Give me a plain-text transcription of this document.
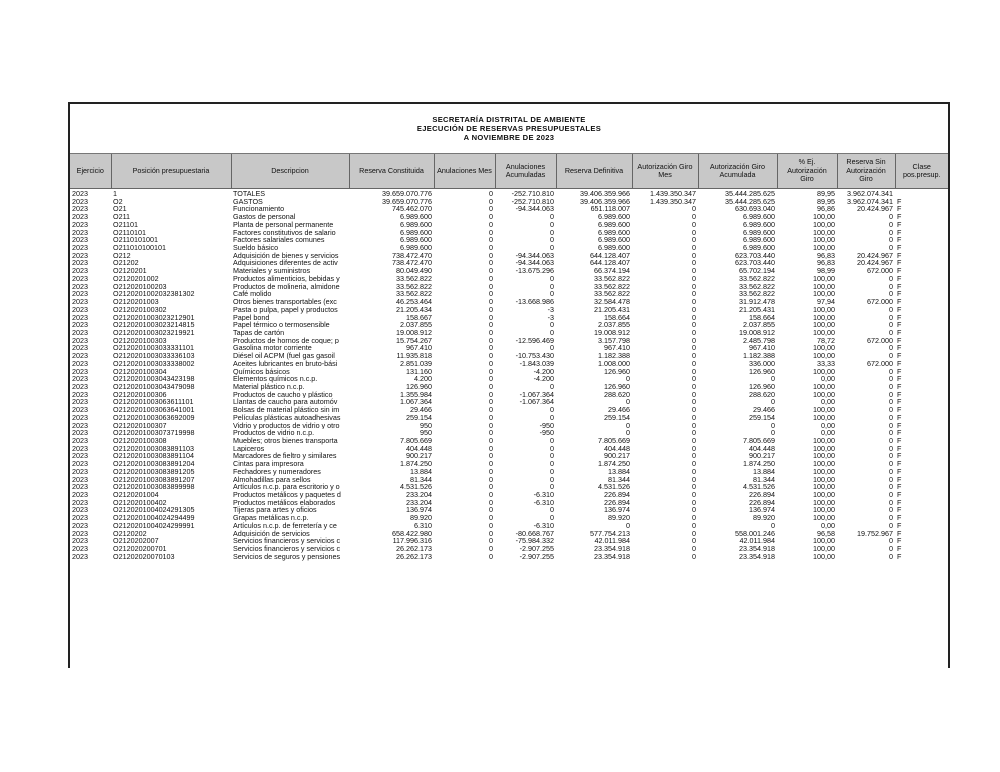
SECRETARÍA DISTRITAL DE AMBIENTE
EJECUCIÓN DE RESERVAS PRESUPUESTALES
A NOVIEMBRE DE 2023
Ejercicio	Posición presupuestaria	Descripcion	Reserva Constituida	Anulaciones Mes	Anulaciones Acumuladas	Reserva Definitiva	Autorización Giro Mes	Autorización Giro Acumulada	% Ej. Autorización Giro	Reserva Sin Autorización Giro	Clase pos.presup.
2023	1	TOTALES	39.659.070.776	0	-252.710.810	39.406.359.966	1.439.350.347	35.444.285.625	89,95	3.962.074.341	
2023	O2	GASTOS	39.659.070.776	0	-252.710.810	39.406.359.966	1.439.350.347	35.444.285.625	89,95	3.962.074.341	F
2023	O21	Funcionamiento	745.462.070	0	-94.344.063	651.118.007	0	630.693.040	96,86	20.424.967	F
2023	O211	Gastos de personal	6.989.600	0	0	6.989.600	0	6.989.600	100,00	0	F
2023	O21101	Planta de personal permanente	6.989.600	0	0	6.989.600	0	6.989.600	100,00	0	F
2023	O2110101	Factores constitutivos de salario	6.989.600	0	0	6.989.600	0	6.989.600	100,00	0	F
2023	O2110101001	Factores salariales comunes	6.989.600	0	0	6.989.600	0	6.989.600	100,00	0	F
2023	O211010100101	Sueldo básico	6.989.600	0	0	6.989.600	0	6.989.600	100,00	0	F
2023	O212	Adquisición de bienes y servicios	738.472.470	0	-94.344.063	644.128.407	0	623.703.440	96,83	20.424.967	F
2023	O21202	Adquisiciones diferentes de activ	738.472.470	0	-94.344.063	644.128.407	0	623.703.440	96,83	20.424.967	F
2023	O2120201	Materiales y suministros	80.049.490	0	-13.675.296	66.374.194	0	65.702.194	98,99	672.000	F
2023	O2120201002	Productos alimenticios, bebidas y	33.562.822	0	0	33.562.822	0	33.562.822	100,00	0	F
2023	O212020100203	Productos de molineria, almidone	33.562.822	0	0	33.562.822	0	33.562.822	100,00	0	F
2023	O2120201002032381302	Café molido	33.562.822	0	0	33.562.822	0	33.562.822	100,00	0	F
2023	O2120201003	Otros bienes transportables (exc	46.253.464	0	-13.668.986	32.584.478	0	31.912.478	97,94	672.000	F
2023	O212020100302	Pasta o pulpa, papel y productos	21.205.434	0	-3	21.205.431	0	21.205.431	100,00	0	F
2023	O2120201003023212901	Papel bond	158.667	0	-3	158.664	0	158.664	100,00	0	F
2023	O2120201003023214815	Papel térmico o termosensible	2.037.855	0	0	2.037.855	0	2.037.855	100,00	0	F
2023	O2120201003023219921	Tapas de cartón	19.008.912	0	0	19.008.912	0	19.008.912	100,00	0	F
2023	O212020100303	Productos de hornos de coque; p	15.754.267	0	-12.596.469	3.157.798	0	2.485.798	78,72	672.000	F
2023	O2120201003033331101	Gasolina motor corriente	967.410	0	0	967.410	0	967.410	100,00	0	F
2023	O2120201003033336103	Diésel oil ACPM (fuel gas gasoil	11.935.818	0	-10.753.430	1.182.388	0	1.182.388	100,00	0	F
2023	O2120201003033338002	Aceites lubricantes en bruto-bási	2.851.039	0	-1.843.039	1.008.000	0	336.000	33,33	672.000	F
2023	O212020100304	Químicos básicos	131.160	0	-4.200	126.960	0	126.960	100,00	0	F
2023	O2120201003043423198	Elementos químicos n.c.p.	4.200	0	-4.200	0	0	0	0,00	0	F
2023	O2120201003043479098	Material plástico n.c.p.	126.960	0	0	126.960	0	126.960	100,00	0	F
2023	O212020100306	Productos de caucho y plástico	1.355.984	0	-1.067.364	288.620	0	288.620	100,00	0	F
2023	O2120201003063611101	Llantas de caucho para automóv	1.067.364	0	-1.067.364	0	0	0	0,00	0	F
2023	O2120201003063641001	Bolsas de material plástico sin im	29.466	0	0	29.466	0	29.466	100,00	0	F
2023	O2120201003063692009	Películas plásticas autoadhesivas	259.154	0	0	259.154	0	259.154	100,00	0	F
2023	O212020100307	Vidrio y productos de vidrio y otro	950	0	-950	0	0	0	0,00	0	F
2023	O2120201003073719998	Productos de vidrio n.c.p.	950	0	-950	0	0	0	0,00	0	F
2023	O212020100308	Muebles; otros bienes transporta	7.805.669	0	0	7.805.669	0	7.805.669	100,00	0	F
2023	O2120201003083891103	Lapiceros	404.448	0	0	404.448	0	404.448	100,00	0	F
2023	O2120201003083891104	Marcadores de fieltro y similares	900.217	0	0	900.217	0	900.217	100,00	0	F
2023	O2120201003083891204	Cintas para impresora	1.874.250	0	0	1.874.250	0	1.874.250	100,00	0	F
2023	O2120201003083891205	Fechadores y numeradores	13.884	0	0	13.884	0	13.884	100,00	0	F
2023	O2120201003083891207	Almohadillas para sellos	81.344	0	0	81.344	0	81.344	100,00	0	F
2023	O2120201003083899998	Artículos n.c.p. para escritorio y o	4.531.526	0	0	4.531.526	0	4.531.526	100,00	0	F
2023	O2120201004	Productos metálicos y paquetes d	233.204	0	-6.310	226.894	0	226.894	100,00	0	F
2023	O212020100402	Productos metálicos elaborados	233.204	0	-6.310	226.894	0	226.894	100,00	0	F
2023	O2120201004024291305	Tijeras para artes y oficios	136.974	0	0	136.974	0	136.974	100,00	0	F
2023	O2120201004024294499	Grapas metálicas n.c.p.	89.920	0	0	89.920	0	89.920	100,00	0	F
2023	O2120201004024299991	Artículos n.c.p. de ferretería y ce	6.310	0	-6.310	0	0	0	0,00	0	F
2023	O2120202	Adquisición de servicios	658.422.980	0	-80.668.767	577.754.213	0	558.001.246	96,58	19.752.967	F
2023	O2120202007	Servicios financieros y servicios c	117.996.316	0	-75.984.332	42.011.984	0	42.011.984	100,00	0	F
2023	O212020200701	Servicios financieros y servicios c	26.262.173	0	-2.907.255	23.354.918	0	23.354.918	100,00	0	F
2023	O21202020070103	Servicios de seguros y pensiones	26.262.173	0	-2.907.255	23.354.918	0	23.354.918	100,00	0	F
